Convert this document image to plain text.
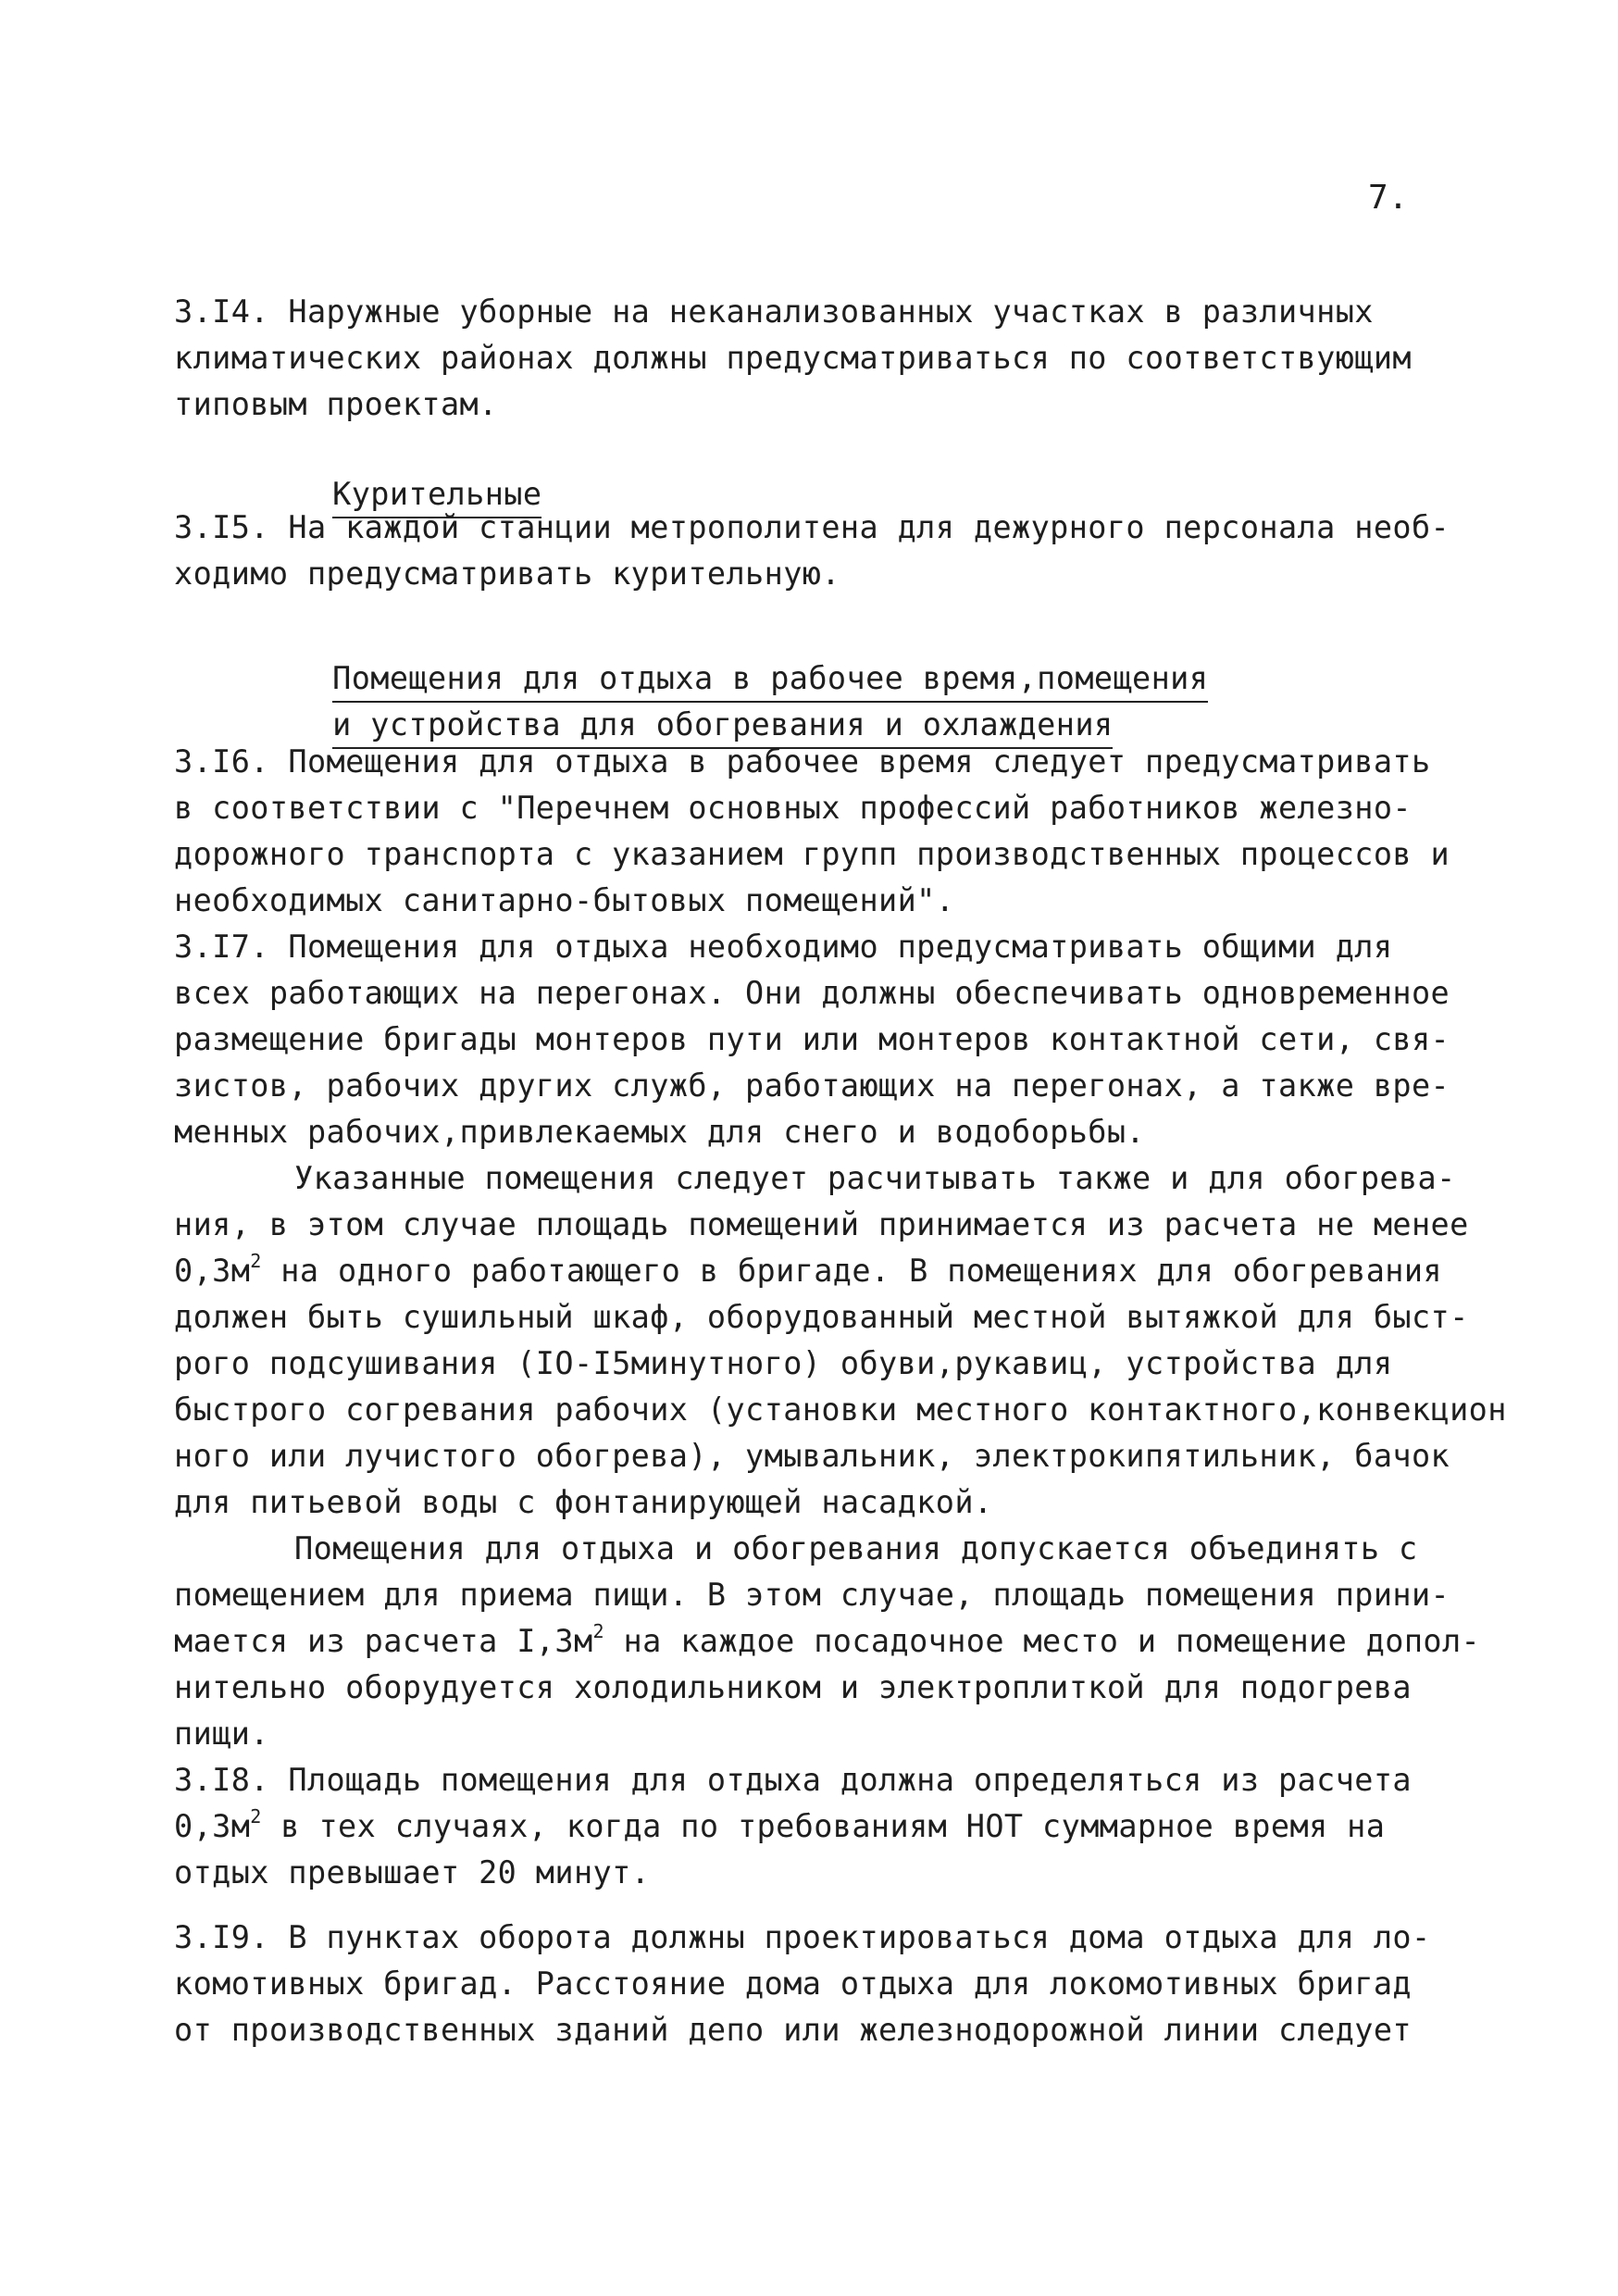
7.
3.I4. Наружные уборные на неканализованных участках в различных
климатических районах должны предусматриваться по соответствующим
типовым проектам.

Курительные

3.I5. На каждой станции метрополитена для дежурного персонала необ-
ходимо предусматривать курительную.

Помещения для отдыха в рабочее время,помещения

и устройства для обогревания и охлаждения

3.I6. Помещения для отдыха в рабочее время следует предусматривать
в соответствии с "Перечнем основных профессий работников железно-
дорожного транспорта с указанием групп производственных процессов и
необходимых санитарно-бытовых помещений".
3.I7. Помещения для отдыха необходимо предусматривать общими для
всех работающих на перегонах. Они должны обеспечивать одновременное
размещение бригады монтеров пути или монтеров контактной сети, свя-
зистов, рабочих других служб, работающих на перегонах, а также вре-
менных рабочих,привлекаемых для снего и водоборьбы.
Указанные помещения следует расчитывать также и для обогрева-
ния, в этом случае площадь помещений принимается из расчета не менее
$0,3м^2$ на одного работающего в бригаде. В помещениях для обогревания
должен быть сушильный шкаф, оборудованный местной вытяжкой для быст-
рого подсушивания (IO-I5минутного) обуви,рукавиц, устройства для
быстрого согревания рабочих (установки местного контактного,конвекцион
ного или лучистого обогрева), умывальник, электрокипятильник, бачок
для питьевой воды с фонтанирующей насадкой.
Помещения для отдыха и обогревания допускается объединять с
помещением для приема пищи. В этом случае, площадь помещения прини-
мается из расчета $I,3м^2$ на каждое посадочное место и помещение допол-
нительно оборудуется холодильником и электроплиткой для подогрева
пищи.
3.I8. Площадь помещения для отдыха должна определяться из расчета
$0,3м^2$ в тех случаях, когда по требованиям НОТ суммарное время на
отдых превышает 20 минут.
3.I9. В пунктах оборота должны проектироваться дома отдыха для ло-
комотивных бригад. Расстояние дома отдыха для локомотивных бригад
от производственных зданий депо или железнодорожной линии следует
